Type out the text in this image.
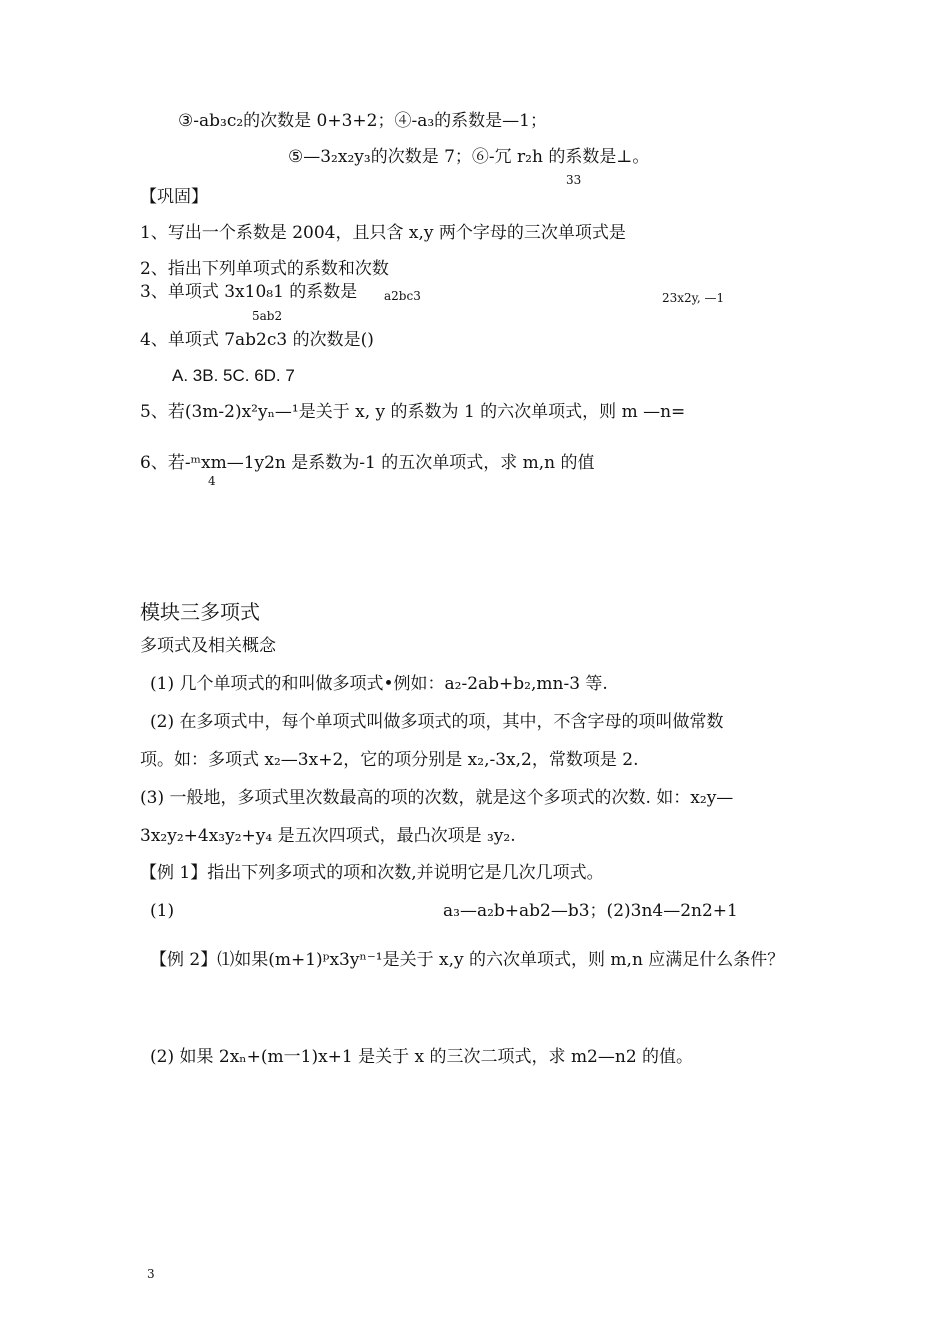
③-ab₃c₂的次数是 0+3+2；④-a₃的系数是—1；
⑤—3₂x₂y₃的次数是 7；⑥-冗 r₂h 的系数是⊥。
33
【巩固】
1、写出一个系数是 2004，且只含 x,y 两个字母的三次单项式是
2、指出下列单项式的系数和次数
3、单项式 3x10₈1 的系数是 a2bc3	23x2y, —1
5ab2
4、单项式 7ab2c3 的次数是()
A. 3B. 5C. 6D. 7
5、若(3m-2)x²yₙ—¹是关于 x, y 的系数为 1 的六次单项式，则 m —n=
6、若-ᵐxm—1y2n 是系数为-1 的五次单项式，求 m,n 的值
4
模块三多项式
多项式及相关概念
(1) 几个单项式的和叫做多项式•例如：a₂-2ab+b₂,mn-3 等.
(2) 在多项式中，每个单项式叫做多项式的项，其中，不含字母的项叫做常数
项。如：多项式 x₂—3x+2，它的项分别是 x₂,-3x,2，常数项是 2.
(3) 一般地，多项式里次数最高的项的次数，就是这个多项式的次数. 如：x₂y—
3x₂y₂+4x₃y₂+y₄ 是五次四项式，最凸次项是 ₃y₂.
【例 1】指出下列多项式的项和次数,并说明它是几次几项式。
(1)	a₃—a₂b+ab2—b3；(2)3n4—2n2+1
【例 2】⑴如果(m+1)ᵖx3yⁿ⁻¹是关于 x,y 的六次单项式，则 m,n 应满足什么条件？
(2) 如果 2xₙ+(m一1)x+1 是关于 x 的三次二项式，求 m2—n2 的值。
3
